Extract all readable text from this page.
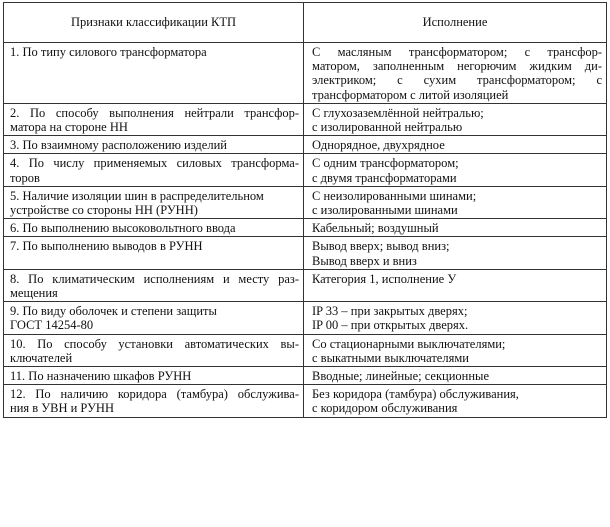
Признаки классификации КТП	Исполнение

1. По типу силового трансформатора	С масляным трансформатором; с трансфор-
матором, заполненным негорючим жидким ди-
электриком; с сухим трансформатором; с
трансформатором с литой изоляцией

2. По способу выполнения нейтрали трансфор-
матора на стороне НН	С глухозаземлённой нейтралью;
с изолированной нейтралью

3. По взаимному расположению изделий	Однорядное, двухрядное

4. По числу применяемых силовых трансформа-
торов	С одним трансформатором;
с двумя трансформаторами

5. Наличие изоляции шин в распределительном
устройстве со стороны НН (РУНН)	С неизолированными шинами;
с изолированными шинами

6. По выполнению высоковольтного ввода	Кабельный; воздушный

7. По выполнению выводов в РУНН	Вывод вверх; вывод вниз;
Вывод вверх и вниз

8. По климатическим исполнениям и месту раз-
мещения	Категория 1, исполнение У

9. По виду оболочек и степени защиты
ГОСТ 14254-80	IP 33 – при закрытых дверях;
IP 00 – при открытых дверях.

10. По способу установки автоматических вы-
ключателей	Со стационарными выключателями;
с выкатными выключателями

11. По назначению шкафов РУНН	Вводные; линейные; секционные

12. По наличию коридора (тамбура) обслужива-
ния в УВН и РУНН	Без коридора (тамбура) обслуживания,
с коридором обслуживания
